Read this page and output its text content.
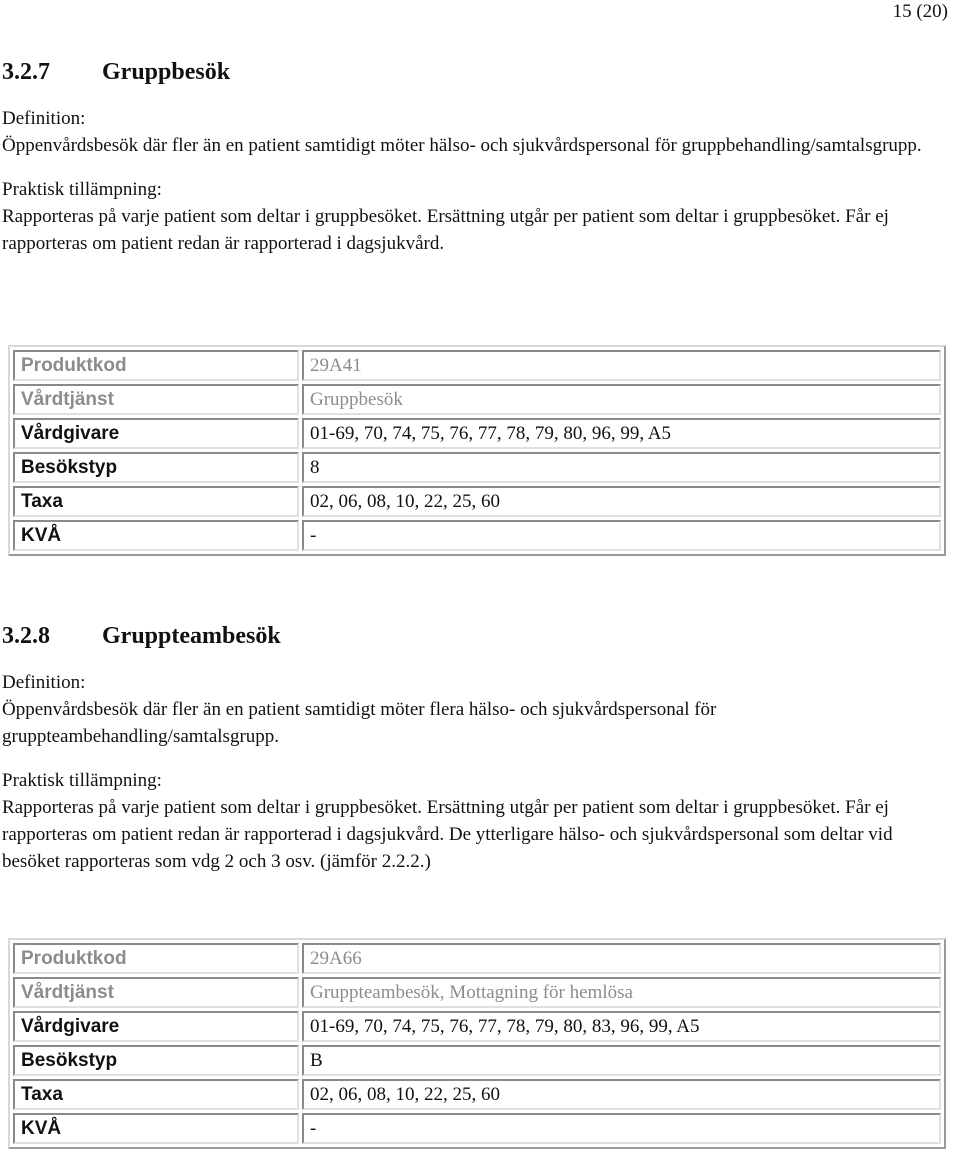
15 (20)
3.2.7	Gruppbesök

Definition:

Öppenvårdsbesök där fler än en patient samtidigt möter hälso- och sjukvårdspersonal för gruppbehandling/samtalsgrupp.

Praktisk tillämpning:

Rapporteras på varje patient som deltar i gruppbesöket. Ersättning utgår per patient som deltar i gruppbesöket. Får ej rapporteras om patient redan är rapporterad i dagsjukvård.

Produktkod	29A41
Vårdtjänst	Gruppbesök
Vårdgivare	01-69, 70, 74, 75, 76, 77, 78, 79, 80, 96, 99, A5
Besökstyp	8
Taxa	02, 06, 08, 10, 22, 25, 60
KVÅ	-
3.2.8	Gruppteambesök

Definition:

Öppenvårdsbesök där fler än en patient samtidigt möter flera hälso- och sjukvårdspersonal för gruppteambehandling/samtalsgrupp.

Praktisk tillämpning:

Rapporteras på varje patient som deltar i gruppbesöket. Ersättning utgår per patient som deltar i gruppbesöket. Får ej rapporteras om patient redan är rapporterad i dagsjukvård. De ytterligare hälso- och sjukvårdspersonal som deltar vid besöket rapporteras som vdg 2 och 3 osv. (jämför 2.2.2.)

Produktkod	29A66
Vårdtjänst	Gruppteambesök, Mottagning för hemlösa
Vårdgivare	01-69, 70, 74, 75, 76, 77, 78, 79, 80, 83, 96, 99, A5
Besökstyp	B
Taxa	02, 06, 08, 10, 22, 25, 60
KVÅ	-
